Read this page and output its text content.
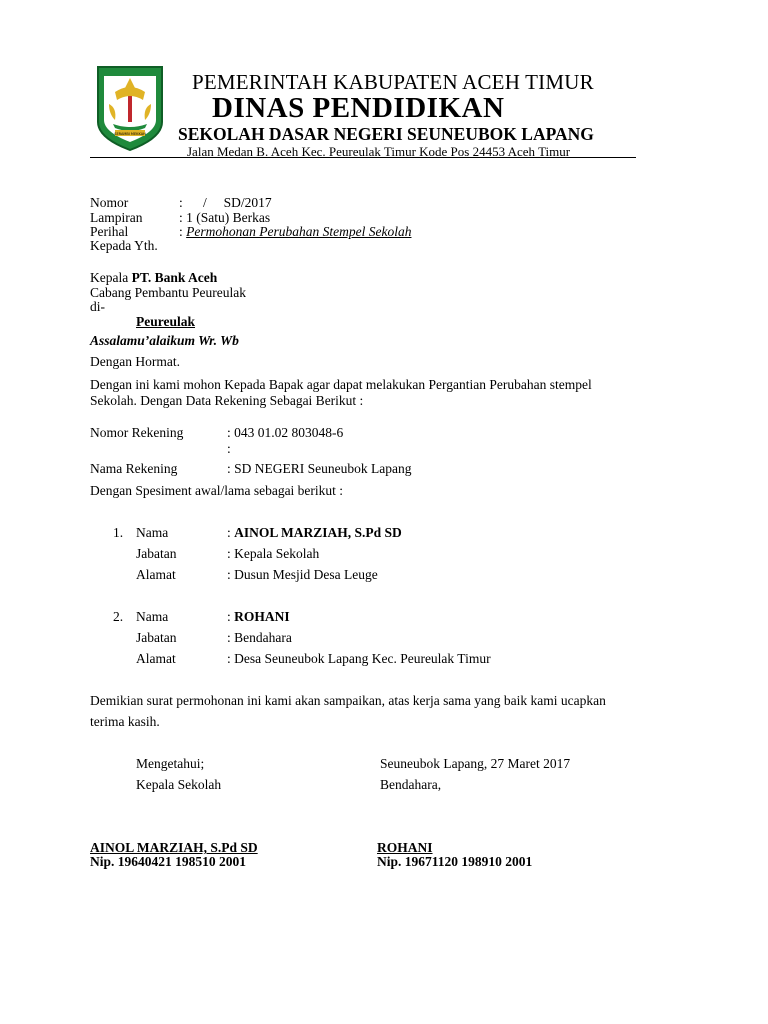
SERAMBI MEKKAH
PEMERINTAH KABUPATEN ACEH TIMUR
DINAS PENDIDIKAN
SEKOLAH DASAR NEGERI SEUNEUBOK LAPANG
Jalan Medan B. Aceh Kec. Peureulak Timur Kode Pos 24453 Aceh Timur
Nomor	:      /     SD/2017
Lampiran	: 1 (Satu) Berkas
Perihal	: Permohonan Perubahan Stempel Sekolah
Kepada Yth.
Kepala PT. Bank Aceh
Cabang Pembantu Peureulak
di-
Peureulak
Assalamu’alaikum Wr. Wb
Dengan Hormat.
Dengan ini kami mohon Kepada Bapak agar dapat melakukan Pergantian Perubahan stempel
Sekolah. Dengan Data Rekening Sebagai Berikut :
Nomor Rekening	: 043 01.02 803048-6
:
Nama Rekening	: SD NEGERI Seuneubok Lapang
Dengan Spesiment awal/lama sebagai berikut :
1. Nama	: AINOL MARZIAH, S.Pd SD
Jabatan	: Kepala Sekolah
Alamat	: Dusun Mesjid Desa Leuge
2. Nama	: ROHANI
Jabatan	: Bendahara
Alamat	: Desa Seuneubok Lapang Kec. Peureulak Timur
Demikian surat permohonan ini kami akan sampaikan, atas kerja sama yang baik kami ucapkan
terima kasih.
Mengetahui;	Seuneubok Lapang, 27 Maret 2017
Kepala Sekolah	Bendahara,
AINOL MARZIAH, S.Pd SD	ROHANI
Nip. 19640421 198510 2001	Nip. 19671120 198910 2001
